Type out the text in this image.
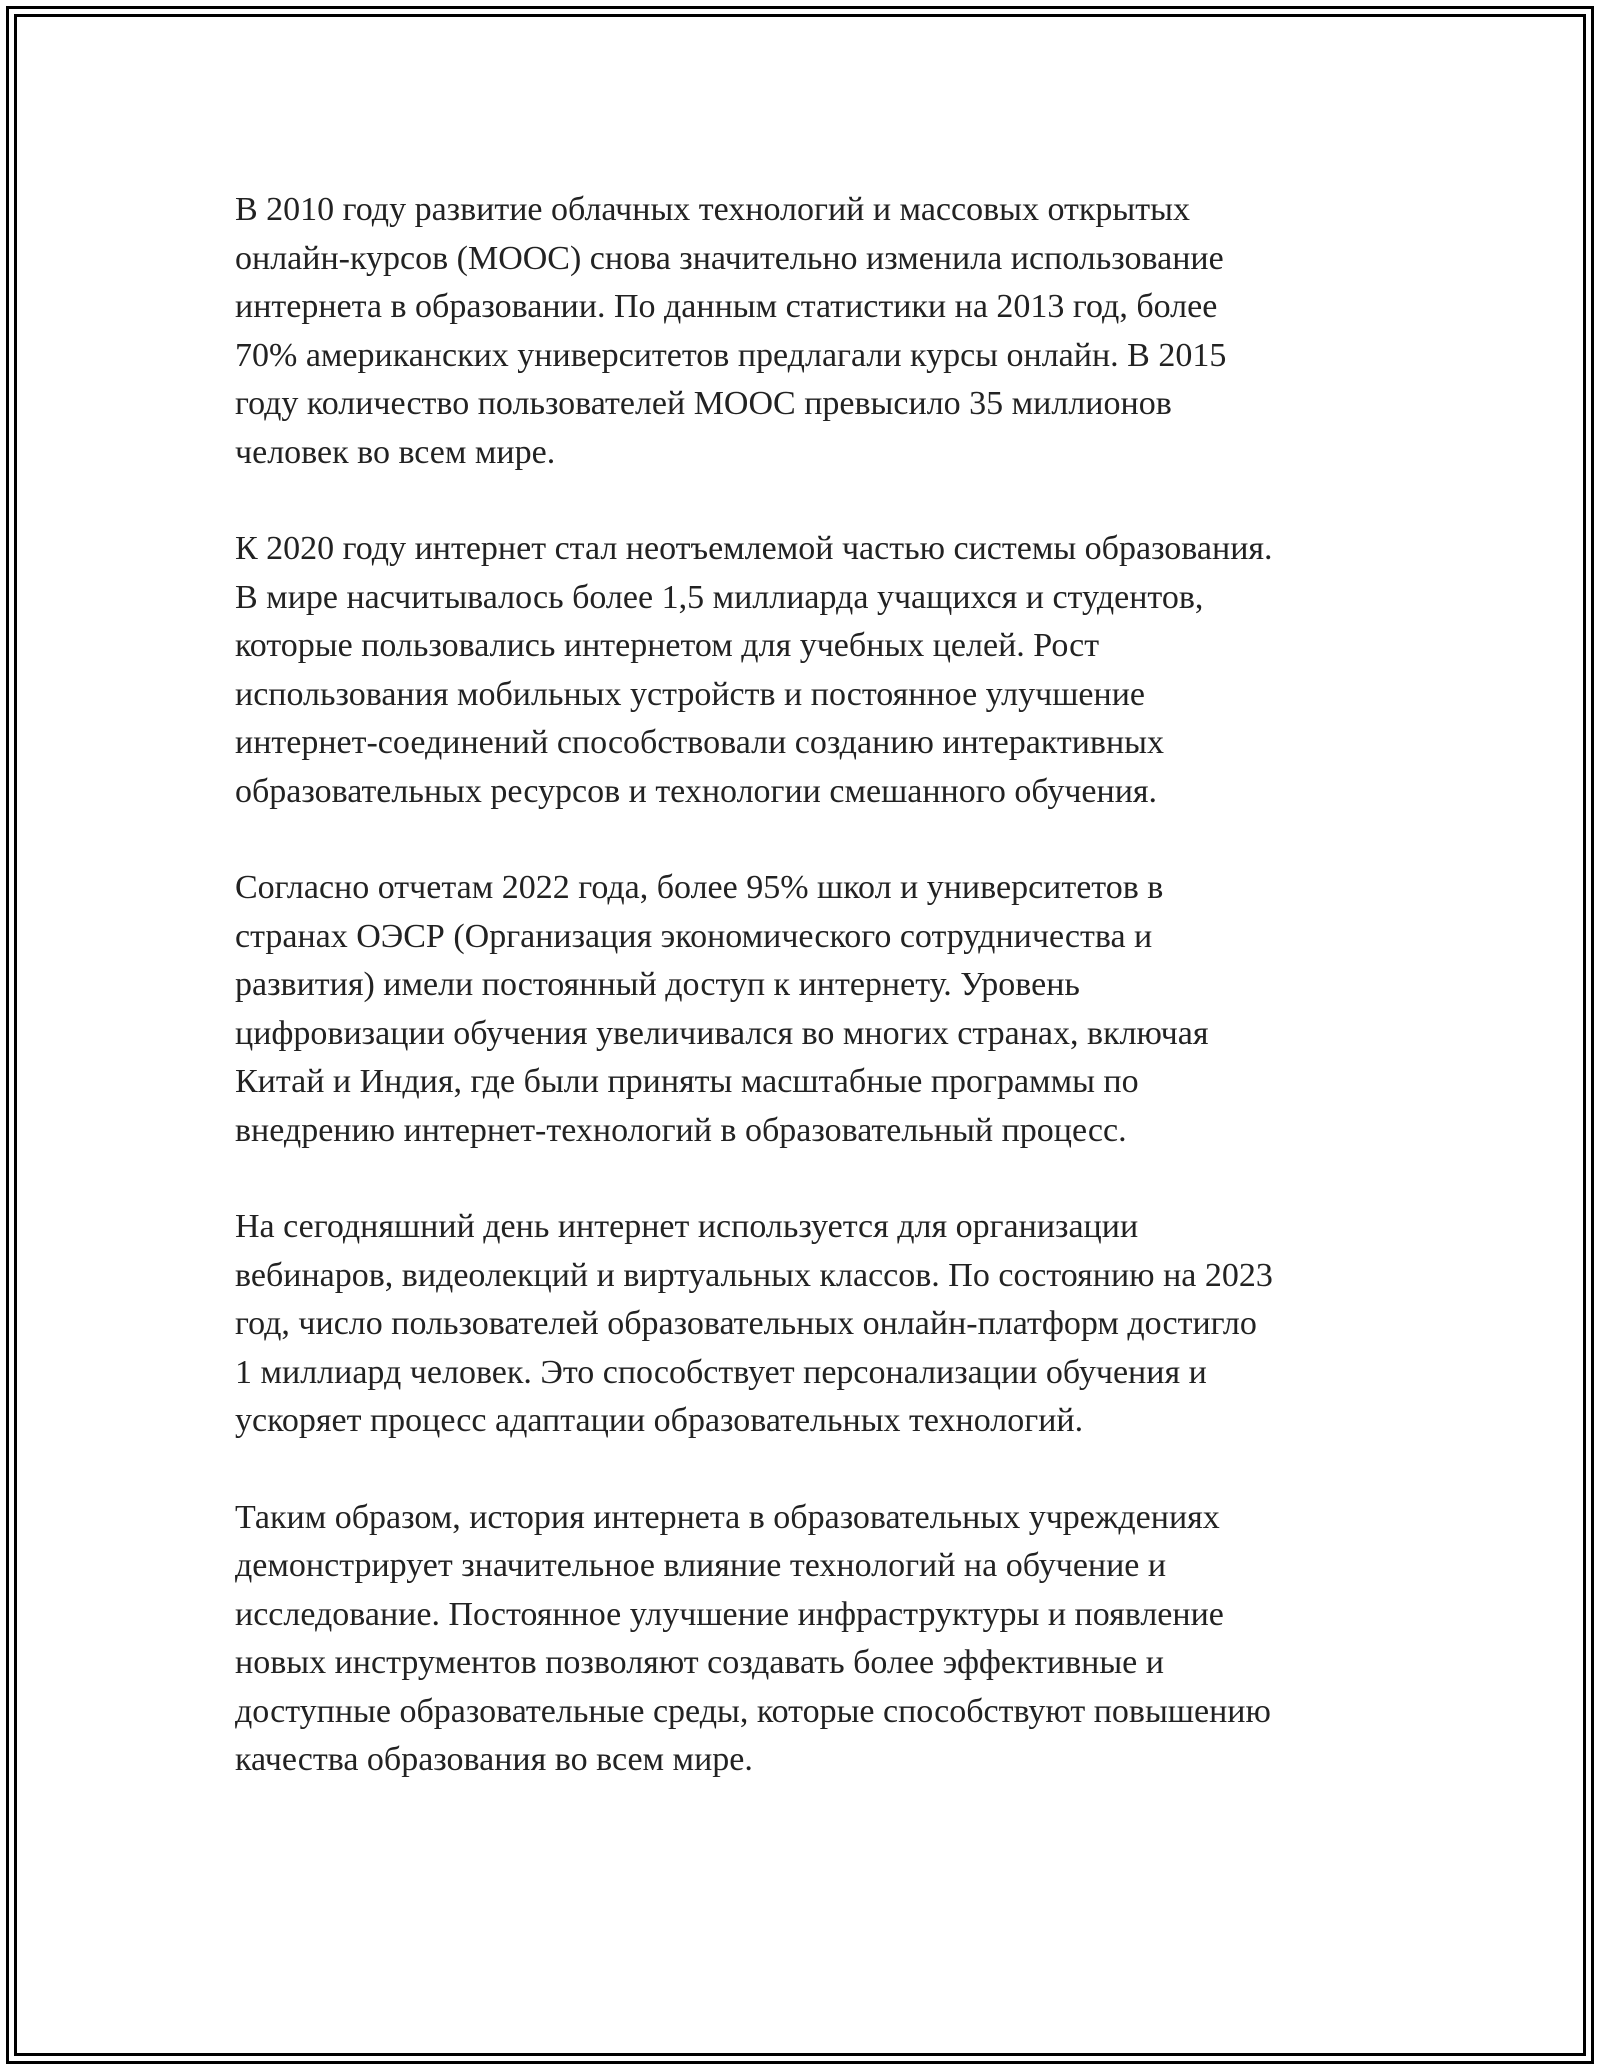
В 2010 году развитие облачных технологий и массовых открытых
онлайн-курсов (MOOC) снова значительно изменила использование
интернета в образовании. По данным статистики на 2013 год, более
70% американских университетов предлагали курсы онлайн. В 2015
году количество пользователей MOOC превысило 35 миллионов
человек во всем мире.

К 2020 году интернет стал неотъемлемой частью системы образования.
В мире насчитывалось более 1,5 миллиарда учащихся и студентов,
которые пользовались интернетом для учебных целей. Рост
использования мобильных устройств и постоянное улучшение
интернет-соединений способствовали созданию интерактивных
образовательных ресурсов и технологии смешанного обучения.

Согласно отчетам 2022 года, более 95% школ и университетов в
странах ОЭСР (Организация экономического сотрудничества и
развития) имели постоянный доступ к интернету. Уровень
цифровизации обучения увеличивался во многих странах, включая
Китай и Индия, где были приняты масштабные программы по
внедрению интернет-технологий в образовательный процесс.

На сегодняшний день интернет используется для организации
вебинаров, видеолекций и виртуальных классов. По состоянию на 2023
год, число пользователей образовательных онлайн-платформ достигло
1 миллиард человек. Это способствует персонализации обучения и
ускоряет процесс адаптации образовательных технологий.

Таким образом, история интернета в образовательных учреждениях
демонстрирует значительное влияние технологий на обучение и
исследование. Постоянное улучшение инфраструктуры и появление
новых инструментов позволяют создавать более эффективные и
доступные образовательные среды, которые способствуют повышению
качества образования во всем мире.
